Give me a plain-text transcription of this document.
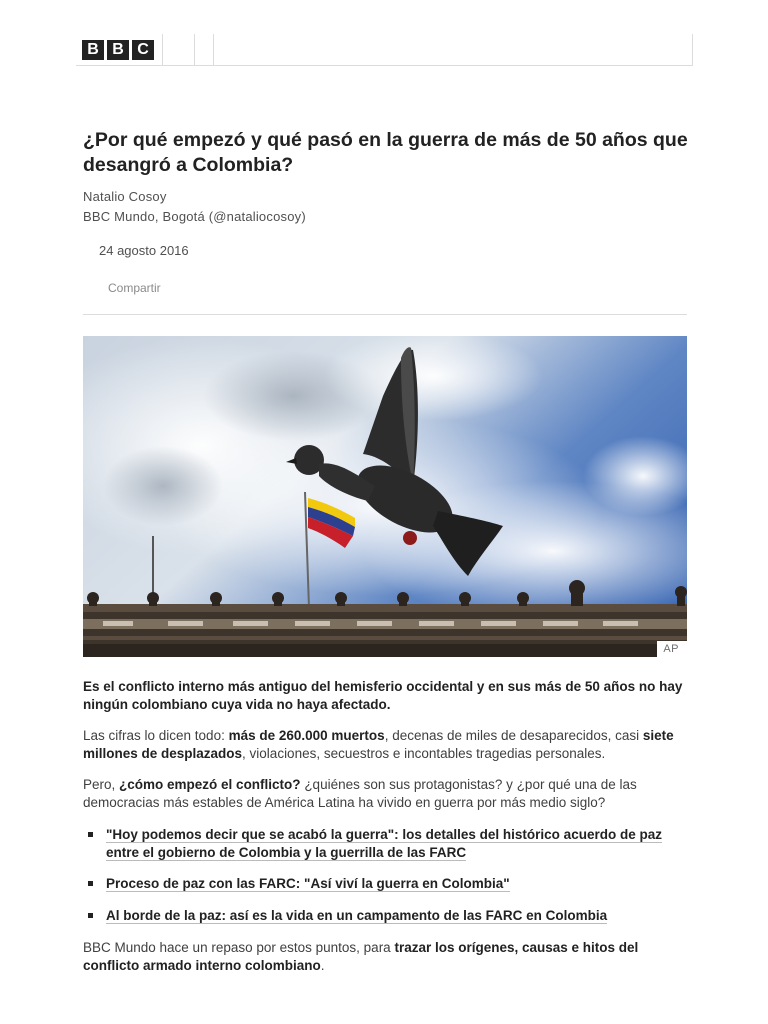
B B C
¿Por qué empezó y qué pasó en la guerra de más de 50 años que desangró a Colombia?
Natalio Cosoy
BBC Mundo, Bogotá (@nataliocosoy)
24 agosto 2016
Compartir
AP

Es el conflicto interno más antiguo del hemisferio occidental y en sus más de 50 años no hay ningún colombiano cuya vida no haya afectado.

Las cifras lo dicen todo: más de 260.000 muertos, decenas de miles de desaparecidos, casi siete millones de desplazados, violaciones, secuestros e incontables tragedias personales.

Pero, ¿cómo empezó el conflicto? ¿quiénes son sus protagonistas? y ¿por qué una de las democracias más estables de América Latina ha vivido en guerra por más medio siglo?

"Hoy podemos decir que se acabó la guerra": los detalles del histórico acuerdo de paz entre el gobierno de Colombia y la guerrilla de las FARC
Proceso de paz con las FARC: "Así viví la guerra en Colombia"
Al borde de la paz: así es la vida en un campamento de las FARC en Colombia

BBC Mundo hace un repaso por estos puntos, para trazar los orígenes, causas e hitos del conflicto armado interno colombiano.
